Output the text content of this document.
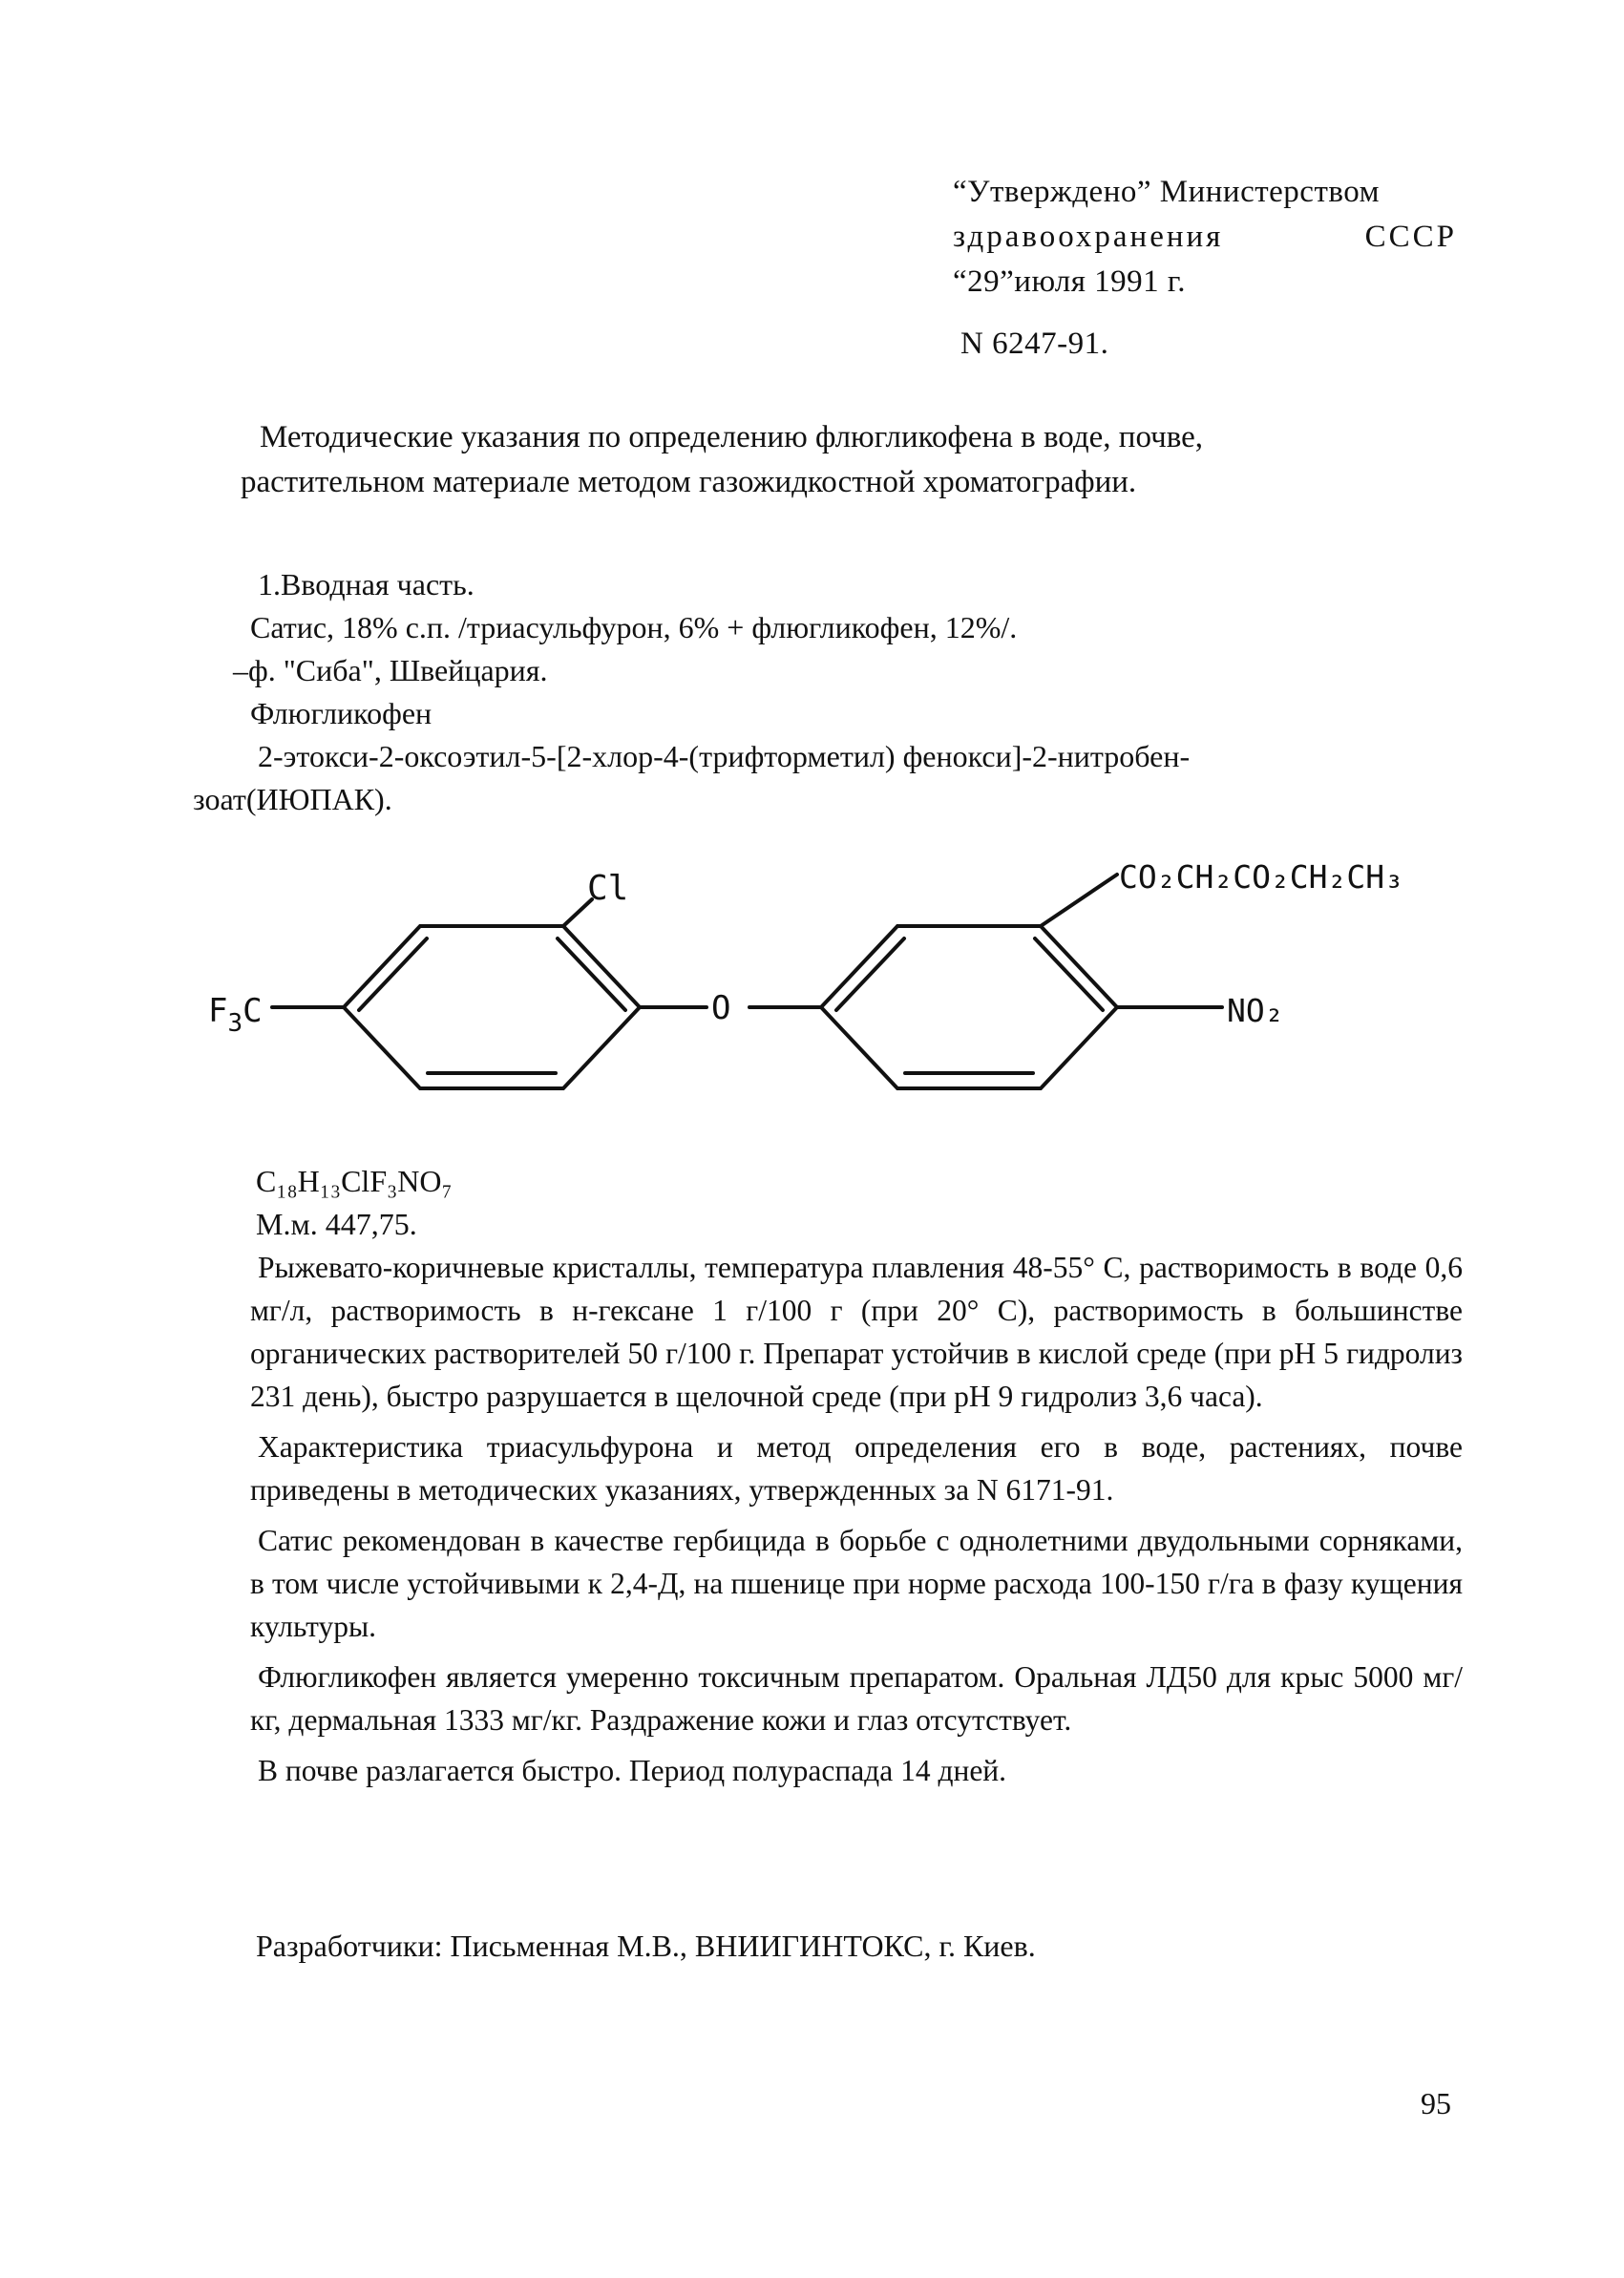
“Утверждено” Министерством
здравоохранения	СССР
“29”июля 1991 г.
N 6247-91.
Методические указания по определению флюгликофена в воде, почве,
растительном материале методом газожидкостной хроматографии.
1.Вводная часть.
Сатис, 18% с.п. /триасульфурон, 6% + флюгликофен, 12%/.
–ф. "Сиба", Швейцария.
Флюгликофен
2-этокси-2-оксоэтил-5-[2-хлор-4-(трифторметил) фенокси]-2-нитробен-
зоат(ИЮПАК).
$F_3C$
Cl
O
CO₂CH₂CO₂CH₂CH₃
NO₂
C₁₈H₁₃ClF₃NO₇
М.м. 447,75.

Рыжевато-коричневые кристаллы, температура плавления 48-55° С, растворимость в воде 0,6 мг/л, растворимость в н-гексане 1 г/100 г (при 20° С), растворимость в большинстве органических растворителей 50 г/100 г. Препарат устойчив в кислой среде (при рН 5 гидролиз 231 день), быстро разрушается в щелочной среде (при рН 9 гидролиз 3,6 часа).

Характеристика триасульфурона и метод определения его в воде, растениях, почве приведены в методических указаниях, утвержденных за N 6171-91.

Сатис рекомендован в качестве гербицида в борьбе с однолетними двудольными сорняками, в том числе устойчивыми к 2,4-Д, на пшенице при норме расхода 100-150 г/га в фазу кущения культуры.

Флюгликофен является умеренно токсичным препаратом. Оральная ЛД50 для крыс 5000 мг/кг, дермальная 1333 мг/кг. Раздражение кожи и глаз отсутствует.

В почве разлагается быстро. Период полураспада 14 дней.

Разработчики: Письменная М.В., ВНИИГИНТОКС, г. Киев.
95
